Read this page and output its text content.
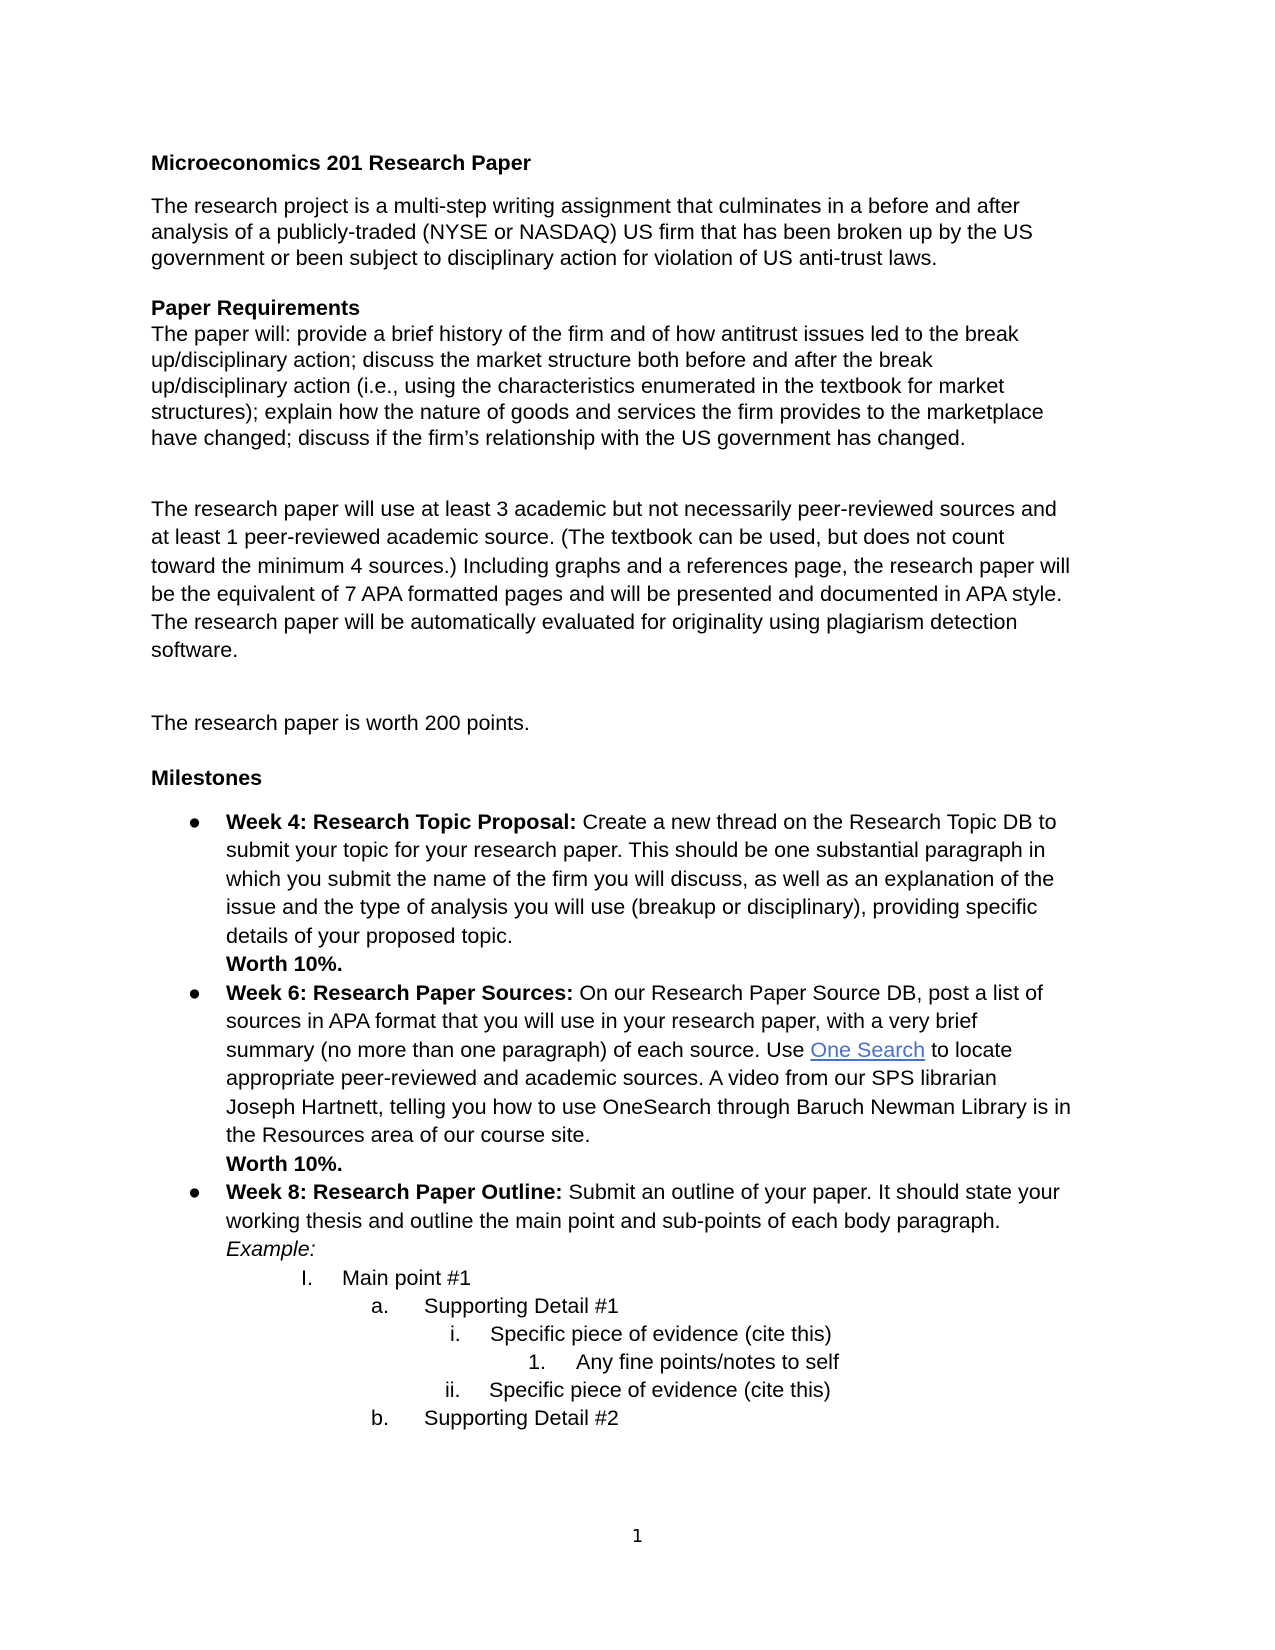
Microeconomics 201 Research Paper
The research project is a multi-step writing assignment that culminates in a before and after analysis of a publicly-traded (NYSE or NASDAQ) US firm that has been broken up by the US government or been subject to disciplinary action for violation of US anti-trust laws.
Paper Requirements
The paper will: provide a brief history of the firm and of how antitrust issues led to the break up/disciplinary action; discuss the market structure both before and after the break up/disciplinary action (i.e., using the characteristics enumerated in the textbook for market structures); explain how the nature of goods and services the firm provides to the marketplace have changed; discuss if the firm’s relationship with the US government has changed.
The research paper will use at least 3 academic but not necessarily peer-reviewed sources and at least 1 peer-reviewed academic source. (The textbook can be used, but does not count toward the minimum 4 sources.) Including graphs and a references page, the research paper will be the equivalent of 7 APA formatted pages and will be presented and documented in APA style. The research paper will be automatically evaluated for originality using plagiarism detection software.
The research paper is worth 200 points.
Milestones
● Week 4: Research Topic Proposal: Create a new thread on the Research Topic DB to submit your topic for your research paper. This should be one substantial paragraph in which you submit the name of the firm you will discuss, as well as an explanation of the issue and the type of analysis you will use (breakup or disciplinary), providing specific details of your proposed topic.
Worth 10%.
● Week 6: Research Paper Sources: On our Research Paper Source DB, post a list of sources in APA format that you will use in your research paper, with a very brief summary (no more than one paragraph) of each source. Use One Search to locate appropriate peer-reviewed and academic sources. A video from our SPS librarian Joseph Hartnett, telling you how to use OneSearch through Baruch Newman Library is in the Resources area of our course site.
Worth 10%.
● Week 8: Research Paper Outline: Submit an outline of your paper. It should state your working thesis and outline the main point and sub-points of each body paragraph. Example:
I. Main point #1
a. Supporting Detail #1
i. Specific piece of evidence (cite this)
1. Any fine points/notes to self
ii. Specific piece of evidence (cite this)
b. Supporting Detail #2
1
